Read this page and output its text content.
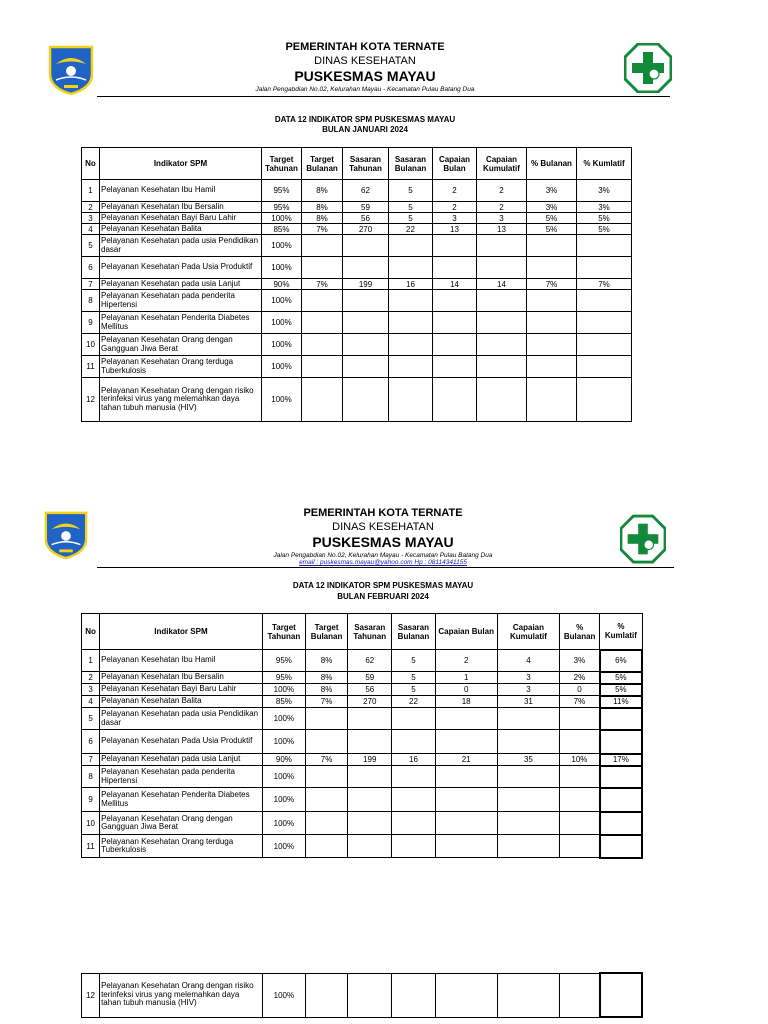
PEMERINTAH KOTA TERNATE
DINAS KESEHATAN
PUSKESMAS MAYAU
Jalan Pengabdian No.02, Kelurahan Mayau - Kecamatan Pulau Batang Dua
DATA 12 INDIKATOR SPM PUSKESMAS MAYAU
BULAN JANUARI 2024
No	Indikator SPM	Target Tahunan	Target Bulanan	Sasaran Tahunan	Sasaran Bulanan	Capaian Bulan	Capaian Kumulatif	% Bulanan	% Kumlatif
1	Pelayanan Kesehatan Ibu Hamil	95%	8%	62	5	2	2	3%	3%
2	Pelayanan Kesehatan Ibu Bersalin	95%	8%	59	5	2	2	3%	3%
3	Pelayanan Kesehatan Bayi Baru Lahir	100%	8%	56	5	3	3	5%	5%
4	Pelayanan Kesehatan Balita	85%	7%	270	22	13	13	5%	5%
5	Pelayanan Kesehatan pada usia Pendidikan dasar	100%							
6	Pelayanan Kesehatan Pada Usia Produktif	100%							
7	Pelayanan Kesehatan pada usia Lanjut	90%	7%	199	16	14	14	7%	7%
8	Pelayanan Kesehatan pada penderita Hipertensi	100%							
9	Pelayanan Kesehatan Penderita Diabetes Mellitus	100%							
10	Pelayanan Kesehatan Orang dengan Gangguan Jiwa Berat	100%							
11	Pelayanan Kesehatan Orang terduga Tuberkulosis	100%							
12	Pelayanan Kesehatan Orang dengan risiko terinfeksi virus yang melemahkan daya tahan tubuh manusia (HIV)	100%							
PEMERINTAH KOTA TERNATE
DINAS KESEHATAN
PUSKESMAS MAYAU
Jalan Pengabdian No.02, Kelurahan Mayau - Kecamatan Pulau Batang Dua
email : puskesmas.mayau@yahoo.com Hp : 08114341155
DATA 12 INDIKATOR SPM PUSKESMAS MAYAU
BULAN FEBRUARI 2024
No	Indikator SPM	Target Tahunan	Target Bulanan	Sasaran Tahunan	Sasaran Bulanan	Capaian Bulan	Capaian Kumulatif	% Bulanan	% Kumlatif
1	Pelayanan Kesehatan Ibu Hamil	95%	8%	62	5	2	4	3%	6%
2	Pelayanan Kesehatan Ibu Bersalin	95%	8%	59	5	1	3	2%	5%
3	Pelayanan Kesehatan Bayi Baru Lahir	100%	8%	56	5	0	3	0	5%
4	Pelayanan Kesehatan Balita	85%	7%	270	22	18	31	7%	11%
5	Pelayanan Kesehatan pada usia Pendidikan dasar	100%							
6	Pelayanan Kesehatan Pada Usia Produktif	100%							
7	Pelayanan Kesehatan pada usia Lanjut	90%	7%	199	16	21	35	10%	17%
8	Pelayanan Kesehatan pada penderita Hipertensi	100%							
9	Pelayanan Kesehatan Penderita Diabetes Mellitus	100%							
10	Pelayanan Kesehatan Orang dengan Gangguan Jiwa Berat	100%							
11	Pelayanan Kesehatan Orang terduga Tuberkulosis	100%							
12	Pelayanan Kesehatan Orang dengan risiko terinfeksi virus yang melemahkan daya tahan tubuh manusia (HIV)	100%							
